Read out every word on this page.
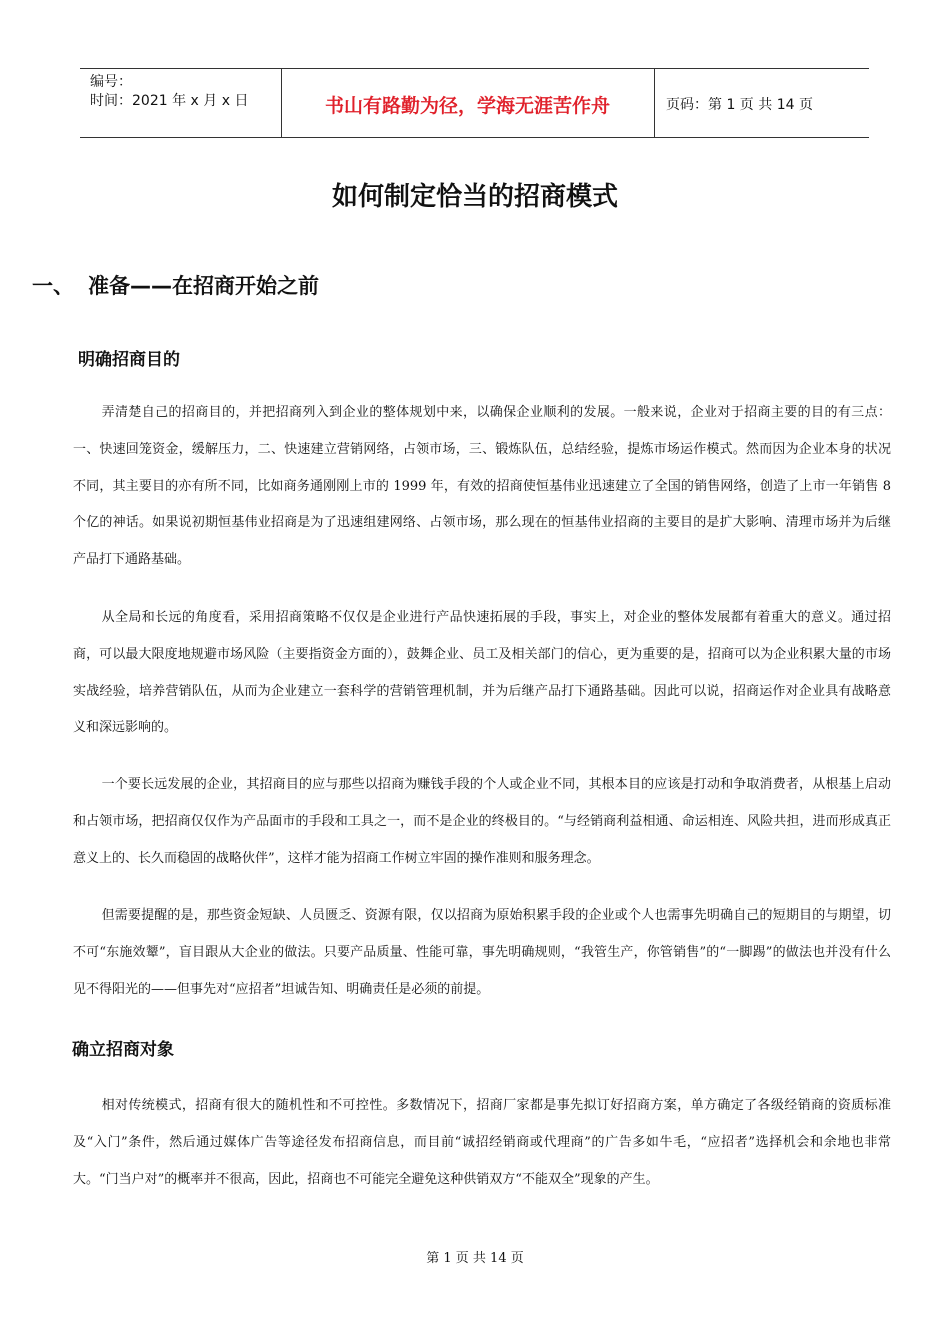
编号：
时间：2021 年 x 月 x 日	书山有路勤为径，学海无涯苦作舟	页码：第 1 页 共 14 页
如何制定恰当的招商模式
一、 准备——在招商开始之前
明确招商目的

弄清楚自己的招商目的，并把招商列入到企业的整体规划中来，以确保企业顺利的发展。一般来说，企业对于招商主要的目的有三点：一、快速回笼资金，缓解压力，二、快速建立营销网络，占领市场，三、锻炼队伍，总结经验，提炼市场运作模式。然而因为企业本身的状况不同，其主要目的亦有所不同，比如商务通刚刚上市的 1999 年，有效的招商使恒基伟业迅速建立了全国的销售网络，创造了上市一年销售 8 个亿的神话。如果说初期恒基伟业招商是为了迅速组建网络、占领市场，那么现在的恒基伟业招商的主要目的是扩大影响、清理市场并为后继产品打下通路基础。

从全局和长远的角度看，采用招商策略不仅仅是企业进行产品快速拓展的手段，事实上，对企业的整体发展都有着重大的意义。通过招商，可以最大限度地规避市场风险（主要指资金方面的），鼓舞企业、员工及相关部门的信心，更为重要的是，招商可以为企业积累大量的市场实战经验，培养营销队伍，从而为企业建立一套科学的营销管理机制，并为后继产品打下通路基础。因此可以说，招商运作对企业具有战略意义和深远影响的。

一个要长远发展的企业，其招商目的应与那些以招商为赚钱手段的个人或企业不同，其根本目的应该是打动和争取消费者，从根基上启动和占领市场，把招商仅仅作为产品面市的手段和工具之一，而不是企业的终极目的。“与经销商利益相通、命运相连、风险共担，进而形成真正意义上的、长久而稳固的战略伙伴”，这样才能为招商工作树立牢固的操作准则和服务理念。

但需要提醒的是，那些资金短缺、人员匮乏、资源有限，仅以招商为原始积累手段的企业或个人也需事先明确自己的短期目的与期望，切不可“东施效颦”，盲目跟从大企业的做法。只要产品质量、性能可靠，事先明确规则，“我管生产，你管销售”的“一脚踢”的做法也并没有什么见不得阳光的——但事先对“应招者”坦诚告知、明确责任是必须的前提。

确立招商对象

相对传统模式，招商有很大的随机性和不可控性。多数情况下，招商厂家都是事先拟订好招商方案，单方确定了各级经销商的资质标准及“入门”条件，然后通过媒体广告等途径发布招商信息，而目前“诚招经销商或代理商”的广告多如牛毛，“应招者”选择机会和余地也非常大。“门当户对”的概率并不很高，因此，招商也不可能完全避免这种供销双方“不能双全”现象的产生。

第 1 页 共 14 页
